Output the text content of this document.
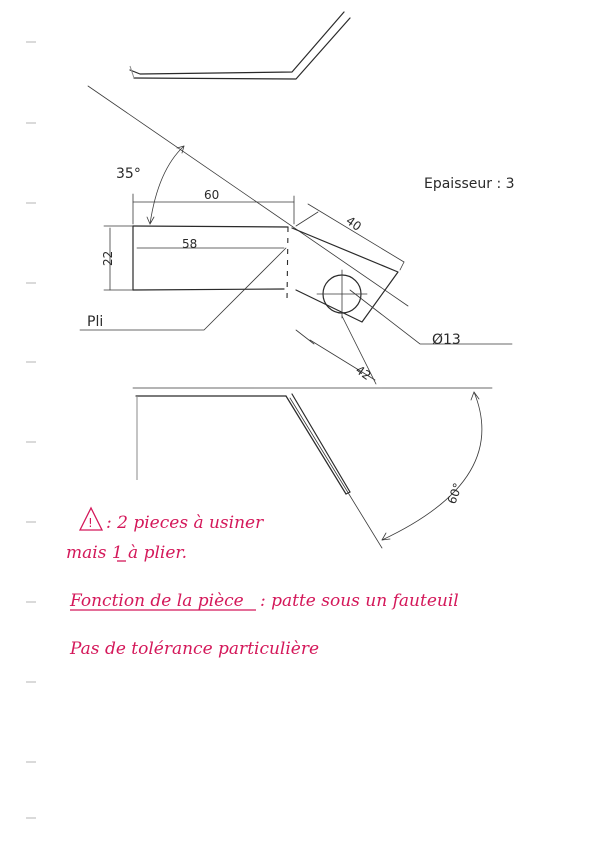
35°
60
40
58
22
Pli
42
Ø13
Epaisseur : 3
60°
! : 2 pieces à usiner
mais 1 à plier.
Fonction de la pièce : patte sous un fauteuil
Pas de tolérance particulière
